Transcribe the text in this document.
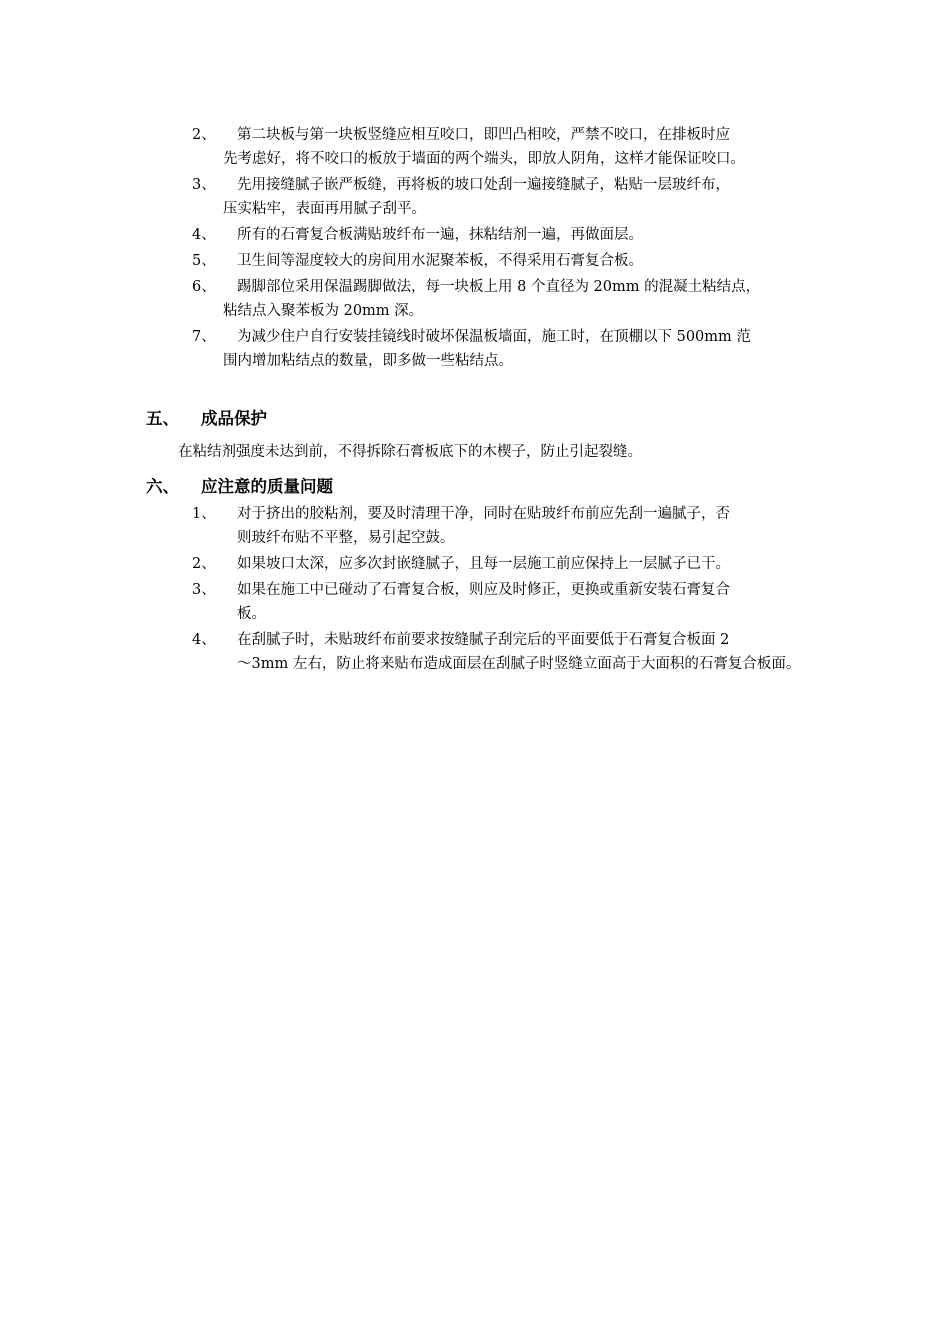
2、 第二块板与第一块板竖缝应相互咬口，即凹凸相咬，严禁不咬口，在排板时应
先考虑好，将不咬口的板放于墙面的两个端头，即放人阴角，这样才能保证咬口。
3、 先用接缝腻子嵌严板缝，再将板的坡口处刮一遍接缝腻子，粘贴一层玻纤布，
压实粘牢，表面再用腻子刮平。
4、 所有的石膏复合板满贴玻纤布一遍，抹粘结剂一遍，再做面层。
5、 卫生间等湿度较大的房间用水泥聚苯板，不得采用石膏复合板。
6、 踢脚部位采用保温踢脚做法，每一块板上用 8 个直径为 20mm 的混凝土粘结点，
粘结点入聚苯板为 20mm 深。
7、 为减少住户自行安装挂镜线时破坏保温板墙面，施工时，在顶棚以下 500mm 范
围内增加粘结点的数量，即多做一些粘结点。
五、 成品保护
在粘结剂强度未达到前，不得拆除石膏板底下的木楔子，防止引起裂缝。
六、 应注意的质量问题
1、 对于挤出的胶粘剂，要及时清理干净，同时在贴玻纤布前应先刮一遍腻子，否
则玻纤布贴不平整，易引起空鼓。
2、 如果坡口太深，应多次封嵌缝腻子，且每一层施工前应保持上一层腻子已干。
3、 如果在施工中已碰动了石膏复合板，则应及时修正，更换或重新安装石膏复合
板。
4、 在刮腻子时，未贴玻纤布前要求按缝腻子刮完后的平面要低于石膏复合板面 2
～3mm 左右，防止将来贴布造成面层在刮腻子时竖缝立面高于大面积的石膏复合板面。
